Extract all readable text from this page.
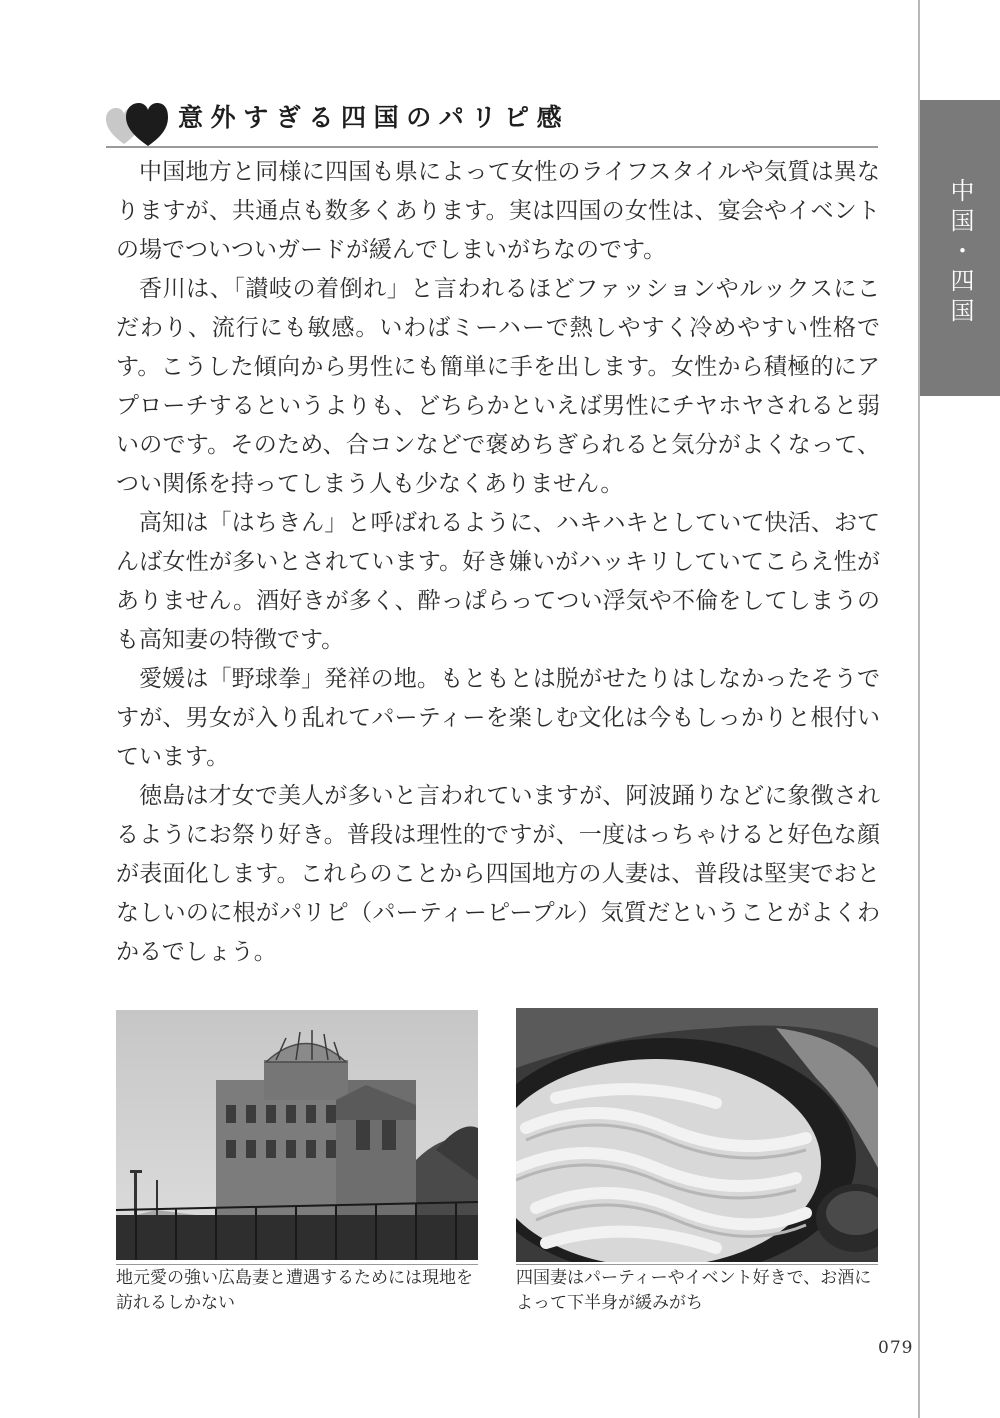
中国・四国
意外すぎる四国のパリピ感

中国地方と同様に四国も県によって女性のライフスタイルや気質は異なりますが、共通点も数多くあります。実は四国の女性は、宴会やイベントの場でついついガードが緩んでしまいがちなのです。

香川は、「讃岐の着倒れ」と言われるほどファッションやルックスにこだわり、流行にも敏感。いわばミーハーで熱しやすく冷めやすい性格です。こうした傾向から男性にも簡単に手を出します。女性から積極的にアプローチするというよりも、どちらかといえば男性にチヤホヤされると弱いのです。そのため、合コンなどで褒めちぎられると気分がよくなって、つい関係を持ってしまう人も少なくありません。

高知は「はちきん」と呼ばれるように、ハキハキとしていて快活、おてんば女性が多いとされています。好き嫌いがハッキリしていてこらえ性がありません。酒好きが多く、酔っぱらってつい浮気や不倫をしてしまうのも高知妻の特徴です。

愛媛は「野球拳」発祥の地。もともとは脱がせたりはしなかったそうですが、男女が入り乱れてパーティーを楽しむ文化は今もしっかりと根付いています。

徳島は才女で美人が多いと言われていますが、阿波踊りなどに象徴されるようにお祭り好き。普段は理性的ですが、一度はっちゃけると好色な顔が表面化します。これらのことから四国地方の人妻は、普段は堅実でおとなしいのに根がパリピ（パーティーピープル）気質だということがよくわかるでしょう。

地元愛の強い広島妻と遭遇するためには現地を訪れるしかない
四国妻はパーティーやイベント好きで、お酒によって下半身が緩みがち
079
